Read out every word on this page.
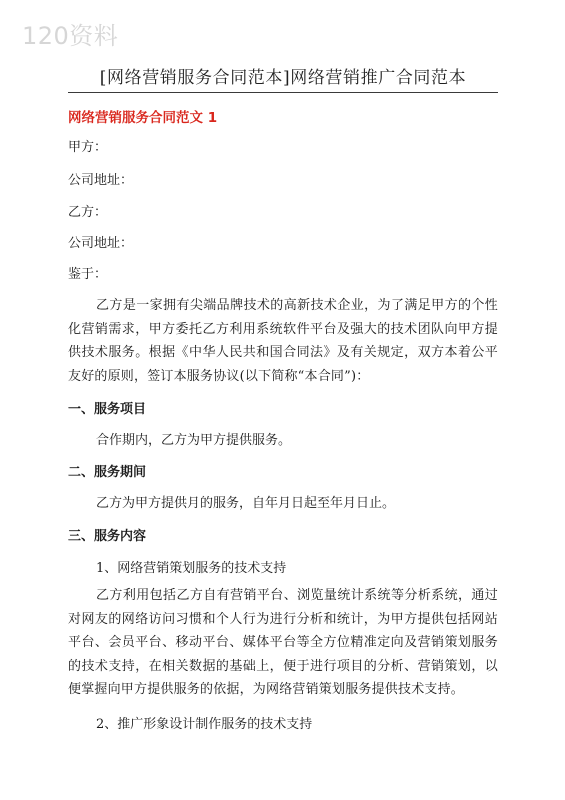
120资料
[网络营销服务合同范本]网络营销推广合同范本
网络营销服务合同范文 1
甲方：
公司地址：
乙方：
公司地址：
鉴于：
乙方是一家拥有尖端品牌技术的高新技术企业，为了满足甲方的个性化营销需求，甲方委托乙方利用系统软件平台及强大的技术团队向甲方提供技术服务。根据《中华人民共和国合同法》及有关规定，双方本着公平友好的原则，签订本服务协议(以下简称“本合同”)：
一、服务项目
合作期内，乙方为甲方提供服务。
二、服务期间
乙方为甲方提供月的服务，自年月日起至年月日止。
三、服务内容
1、网络营销策划服务的技术支持
乙方利用包括乙方自有营销平台、浏览量统计系统等分析系统，通过对网友的网络访问习惯和个人行为进行分析和统计，为甲方提供包括网站平台、会员平台、移动平台、媒体平台等全方位精准定向及营销策划服务的技术支持，在相关数据的基础上，便于进行项目的分析、营销策划，以便掌握向甲方提供服务的依据，为网络营销策划服务提供技术支持。
2、推广形象设计制作服务的技术支持
